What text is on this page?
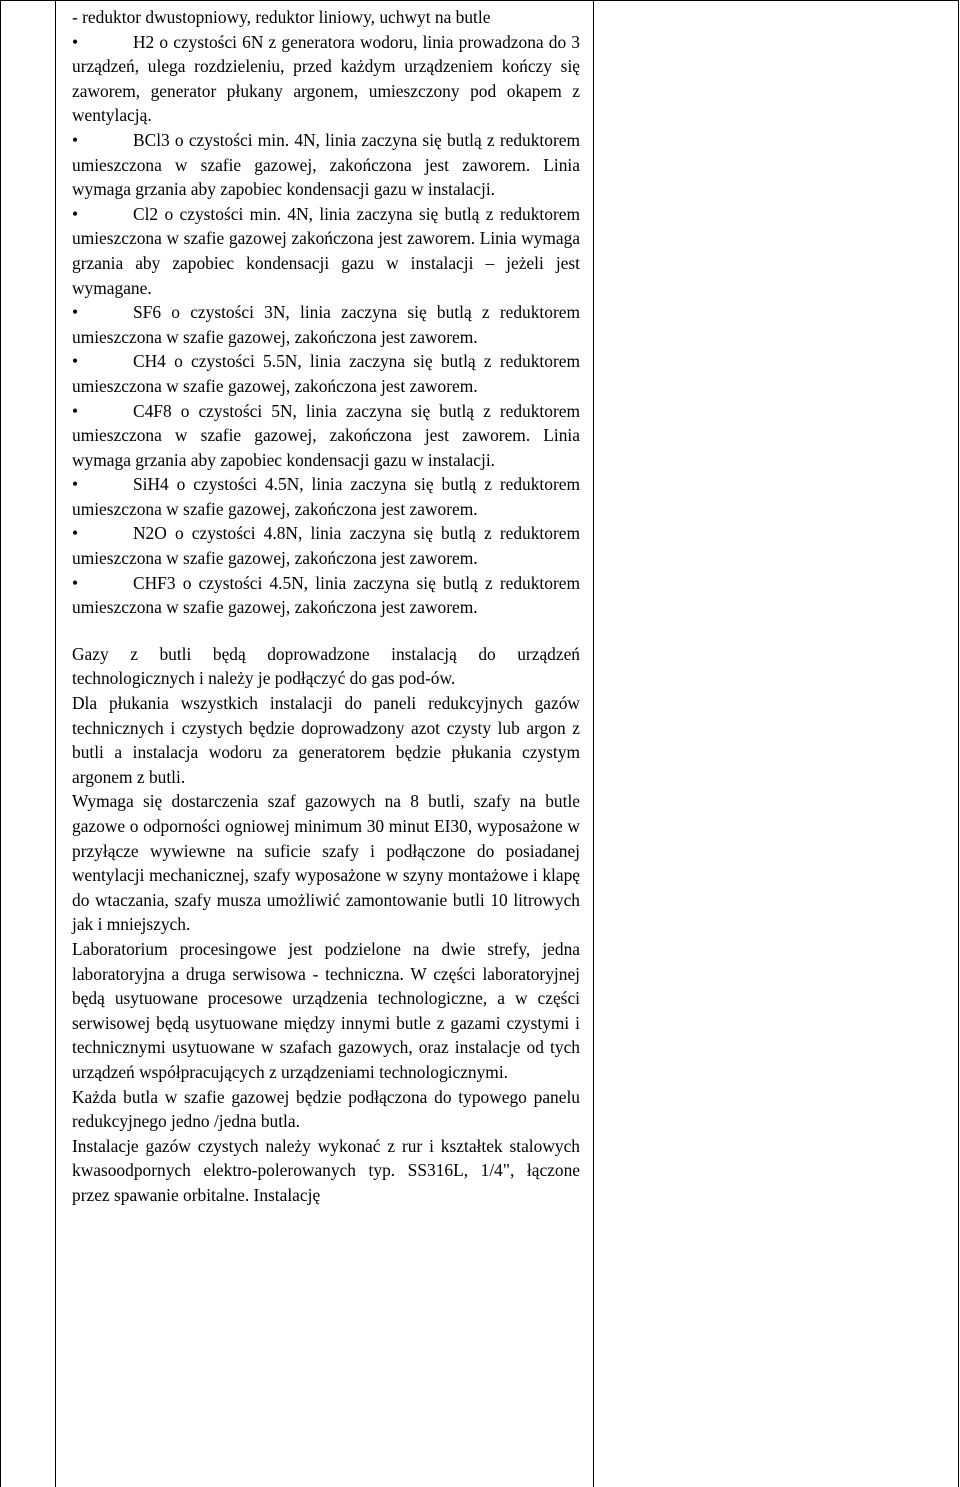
- reduktor dwustopniowy, reduktor liniowy, uchwyt na butle

•	H2 o czystości 6N z generatora wodoru, linia prowadzona do 3 urządzeń, ulega rozdzieleniu, przed każdym urządzeniem kończy się zaworem, generator płukany argonem, umieszczony pod okapem z wentylacją.

•	BCl3 o czystości min. 4N, linia zaczyna się butlą z reduktorem umieszczona w szafie gazowej, zakończona jest zaworem. Linia wymaga grzania aby zapobiec kondensacji gazu w instalacji.

•	Cl2 o czystości min. 4N, linia zaczyna się butlą z reduktorem umieszczona w szafie gazowej zakończona jest zaworem. Linia wymaga grzania aby zapobiec kondensacji gazu w instalacji – jeżeli jest wymagane.

•	SF6 o czystości 3N, linia zaczyna się butlą z reduktorem umieszczona w szafie gazowej, zakończona jest zaworem.

•	CH4 o czystości 5.5N, linia zaczyna się butlą z reduktorem umieszczona w szafie gazowej, zakończona jest zaworem.

•	C4F8 o czystości 5N, linia zaczyna się butlą z reduktorem umieszczona w szafie gazowej, zakończona jest zaworem. Linia wymaga grzania aby zapobiec kondensacji gazu w instalacji.

•	SiH4 o czystości 4.5N, linia zaczyna się butlą z reduktorem umieszczona w szafie gazowej, zakończona jest zaworem.

•	N2O o czystości 4.8N, linia zaczyna się butlą z reduktorem umieszczona w szafie gazowej, zakończona jest zaworem.

•	CHF3 o czystości 4.5N, linia zaczyna się butlą z reduktorem umieszczona w szafie gazowej, zakończona jest zaworem.

Gazy z butli będą doprowadzone instalacją do urządzeń technologicznych i należy je podłączyć do gas pod-ów.

Dla płukania wszystkich instalacji do paneli redukcyjnych gazów technicznych i czystych będzie doprowadzony azot czysty lub argon z butli a instalacja wodoru za generatorem będzie płukania czystym argonem z butli.

Wymaga się dostarczenia szaf gazowych na 8 butli, szafy na butle gazowe o odporności ogniowej minimum 30 minut EI30, wyposażone w przyłącze wywiewne na suficie szafy i podłączone do posiadanej wentylacji mechanicznej, szafy wyposażone w szyny montażowe i klapę do wtaczania, szafy musza umożliwić zamontowanie butli 10 litrowych jak i mniejszych.

Laboratorium procesingowe jest podzielone na dwie strefy, jedna laboratoryjna a druga serwisowa - techniczna. W części laboratoryjnej będą usytuowane procesowe urządzenia technologiczne, a w części serwisowej będą usytuowane między innymi butle z gazami czystymi i technicznymi usytuowane w szafach gazowych, oraz instalacje od tych urządzeń współpracujących z urządzeniami technologicznymi.

Każda butla w szafie gazowej będzie podłączona do typowego panelu redukcyjnego jedno /jedna butla.

Instalacje gazów czystych należy wykonać z rur i kształtek stalowych kwasoodpornych elektro-polerowanych typ. SS316L, 1/4", łączone przez spawanie orbitalne. Instalację
